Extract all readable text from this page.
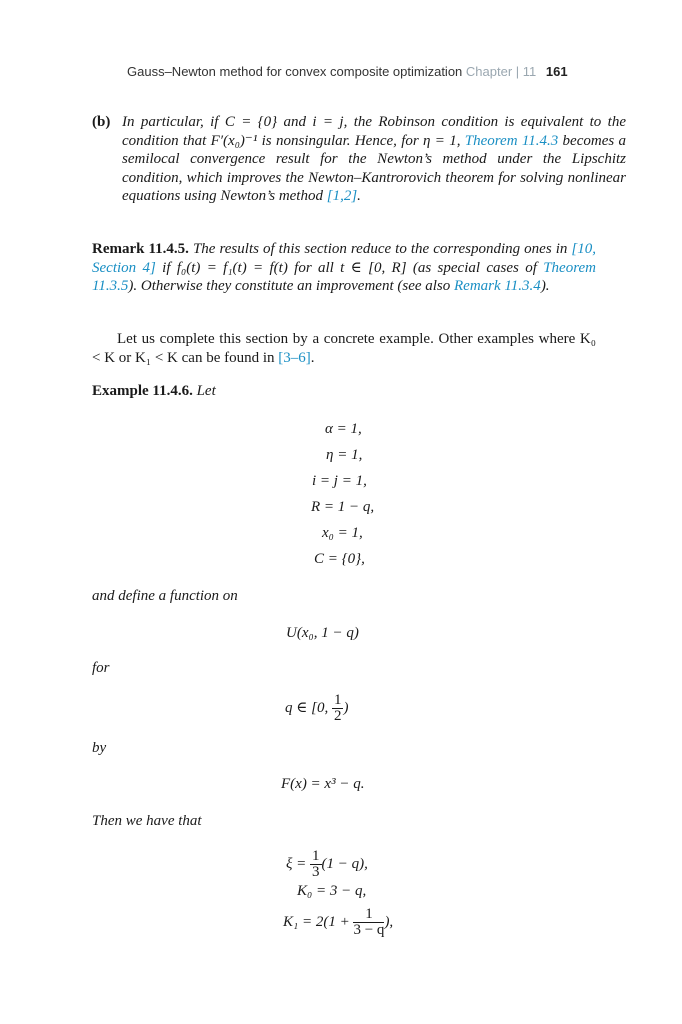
Gauss–Newton method for convex composite optimization Chapter | 11 161
(b) In particular, if C = {0} and i = j, the Robinson condition is equivalent to the condition that F′(x₀)⁻¹ is nonsingular. Hence, for η = 1, Theorem 11.4.3 becomes a semilocal convergence result for the Newton’s method under the Lipschitz condition, which improves the Newton–Kantrorovich theorem for solving nonlinear equations using Newton’s method [1,2].
Remark 11.4.5. The results of this section reduce to the corresponding ones in [10, Section 4] if f₀(t) = f₁(t) = f(t) for all t ∈ [0, R] (as special cases of Theorem 11.3.5). Otherwise they constitute an improvement (see also Remark 11.3.4).
Let us complete this section by a concrete example. Other examples where K₀ < K or K₁ < K can be found in [3–6].
Example 11.4.6. Let
α = 1,
η = 1,
i = j = 1,
R = 1 − q,
x₀ = 1,
C = {0},
and define a function on
U(x₀, 1 − q)
for
q ∈ [0, $\frac{1}{2}$ )
by
F(x) = x³ − q.
Then we have that
$\xi = \frac{1}{3} (1 - q)$,
K₀ = 3 − q,
$K_1 = 2(1 + \frac{1}{3 - q}$ ),
